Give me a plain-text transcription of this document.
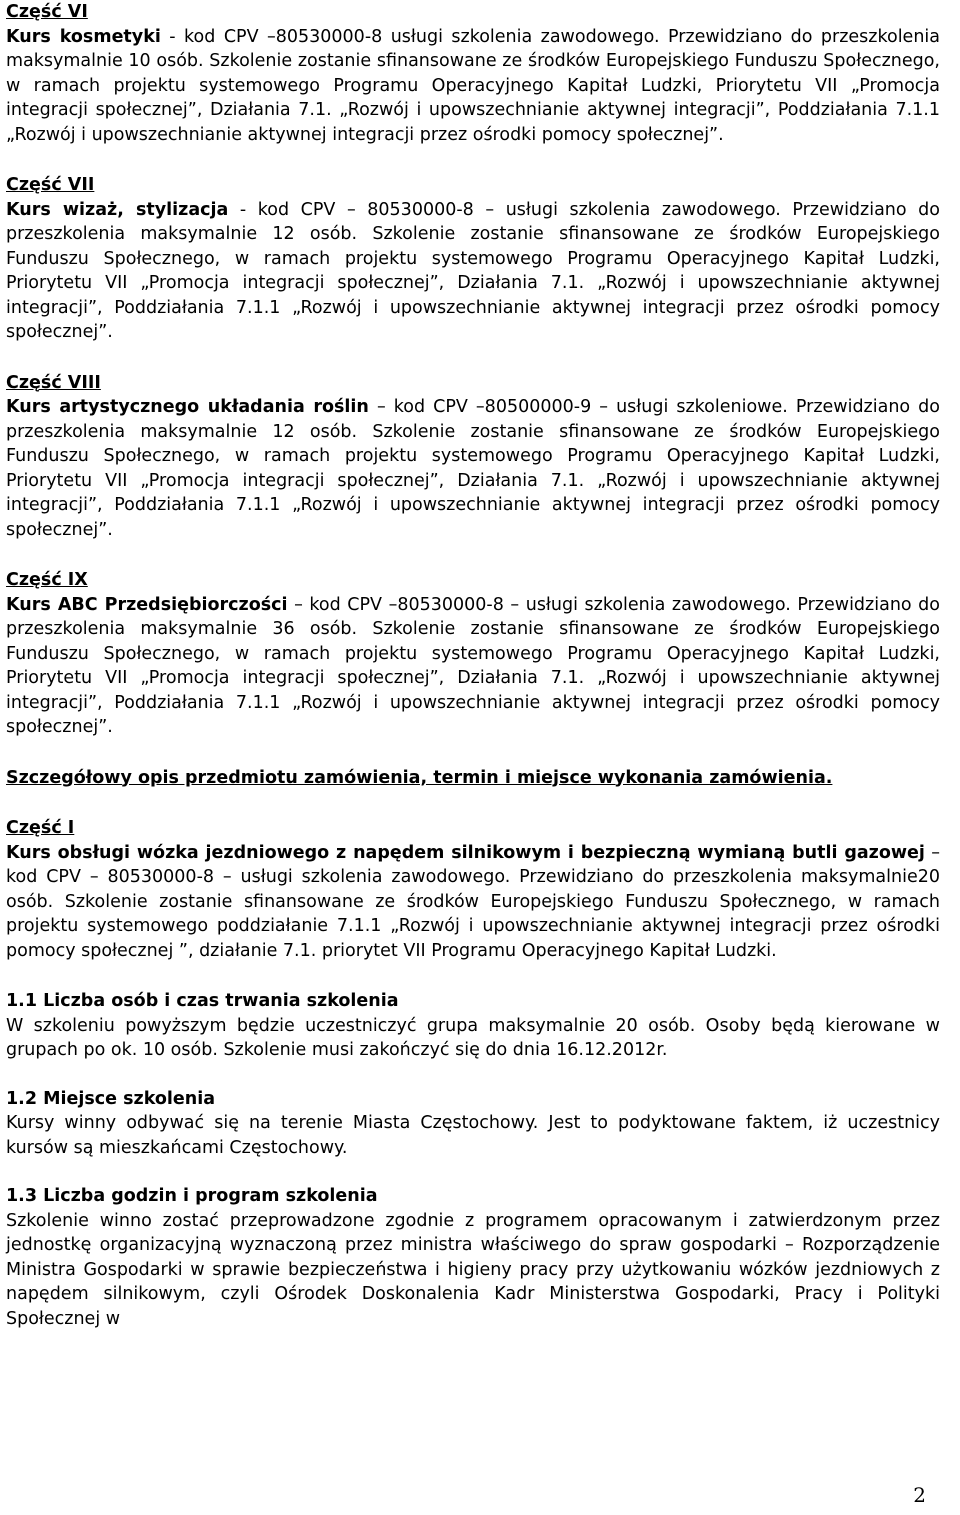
Część VI

Kurs kosmetyki - kod CPV –80530000-8 usługi szkolenia zawodowego. Przewidziano do przeszkolenia maksymalnie 10 osób. Szkolenie zostanie sfinansowane ze środków Europejskiego Funduszu Społecznego, w ramach projektu systemowego Programu Operacyjnego Kapitał Ludzki, Priorytetu VII „Promocja integracji społecznej”, Działania 7.1. „Rozwój i upowszechnianie aktywnej integracji”, Poddziałania 7.1.1 „Rozwój i upowszechnianie aktywnej integracji przez ośrodki pomocy społecznej”.

Część VII

Kurs wizaż, stylizacja - kod CPV – 80530000-8 – usługi szkolenia zawodowego. Przewidziano do przeszkolenia maksymalnie 12 osób. Szkolenie zostanie sfinansowane ze środków Europejskiego Funduszu Społecznego, w ramach projektu systemowego Programu Operacyjnego Kapitał Ludzki, Priorytetu VII „Promocja integracji społecznej”, Działania 7.1. „Rozwój i upowszechnianie aktywnej integracji”, Poddziałania 7.1.1 „Rozwój i upowszechnianie aktywnej integracji przez ośrodki pomocy społecznej”.

Część VIII

Kurs artystycznego układania roślin – kod CPV –80500000-9 – usługi szkoleniowe. Przewidziano do przeszkolenia maksymalnie 12 osób. Szkolenie zostanie sfinansowane ze środków Europejskiego Funduszu Społecznego, w ramach projektu systemowego Programu Operacyjnego Kapitał Ludzki, Priorytetu VII „Promocja integracji społecznej”, Działania 7.1. „Rozwój i upowszechnianie aktywnej integracji”, Poddziałania 7.1.1 „Rozwój i upowszechnianie aktywnej integracji przez ośrodki pomocy społecznej”.

Część IX

Kurs ABC Przedsiębiorczości – kod CPV –80530000-8 – usługi szkolenia zawodowego. Przewidziano do przeszkolenia maksymalnie 36 osób. Szkolenie zostanie sfinansowane ze środków Europejskiego Funduszu Społecznego, w ramach projektu systemowego Programu Operacyjnego Kapitał Ludzki, Priorytetu VII „Promocja integracji społecznej”, Działania 7.1. „Rozwój i upowszechnianie aktywnej integracji”, Poddziałania 7.1.1 „Rozwój i upowszechnianie aktywnej integracji przez ośrodki pomocy społecznej”.

Szczegółowy opis przedmiotu zamówienia, termin i miejsce wykonania zamówienia.

Część I

Kurs obsługi wózka jezdniowego z napędem silnikowym i bezpieczną wymianą butli gazowej – kod CPV – 80530000-8 – usługi szkolenia zawodowego. Przewidziano do przeszkolenia maksymalnie20 osób. Szkolenie zostanie sfinansowane ze środków Europejskiego Funduszu Społecznego, w ramach projektu systemowego poddziałanie 7.1.1 „Rozwój i upowszechnianie aktywnej integracji przez ośrodki pomocy społecznej ”, działanie 7.1. priorytet VII Programu Operacyjnego Kapitał Ludzki.

1.1 Liczba osób i czas trwania szkolenia

W szkoleniu powyższym będzie uczestniczyć grupa maksymalnie 20 osób. Osoby będą kierowane w grupach po ok. 10 osób. Szkolenie musi zakończyć się do dnia 16.12.2012r.

1.2 Miejsce szkolenia

Kursy winny odbywać się na terenie Miasta Częstochowy. Jest to podyktowane faktem, iż uczestnicy kursów są mieszkańcami Częstochowy.

1.3 Liczba godzin i program szkolenia

Szkolenie winno zostać przeprowadzone zgodnie z programem opracowanym i zatwierdzonym przez jednostkę organizacyjną wyznaczoną przez ministra właściwego do spraw gospodarki – Rozporządzenie Ministra Gospodarki w sprawie bezpieczeństwa i higieny pracy przy użytkowaniu wózków jezdniowych z napędem silnikowym, czyli Ośrodek Doskonalenia Kadr Ministerstwa Gospodarki, Pracy i Polityki Społecznej w

2
